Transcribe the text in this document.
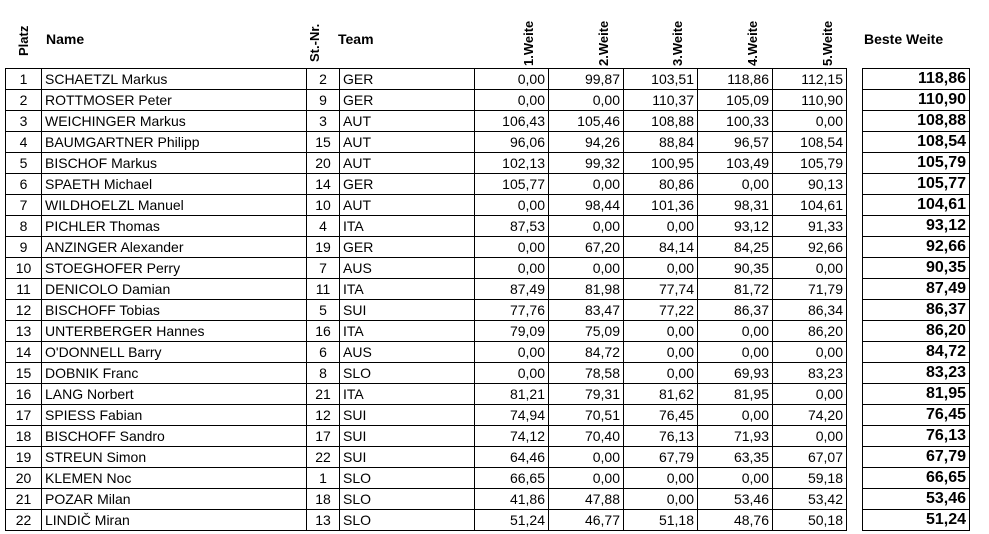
Platz Name	St.-Nr. Team	1.Weite	2.Weite	3.Weite	4.Weite	5.Weite Beste Weite
1	SCHAETZL Markus	2	GER	0,00	99,87	103,51	118,86	112,15		118,86
2	ROTTMOSER Peter	9	GER	0,00	0,00	110,37	105,09	110,90		110,90
3	WEICHINGER Markus	3	AUT	106,43	105,46	108,88	100,33	0,00		108,88
4	BAUMGARTNER Philipp	15	AUT	96,06	94,26	88,84	96,57	108,54		108,54
5	BISCHOF Markus	20	AUT	102,13	99,32	100,95	103,49	105,79		105,79
6	SPAETH Michael	14	GER	105,77	0,00	80,86	0,00	90,13		105,77
7	WILDHOELZL Manuel	10	AUT	0,00	98,44	101,36	98,31	104,61		104,61
8	PICHLER Thomas	4	ITA	87,53	0,00	0,00	93,12	91,33		93,12
9	ANZINGER Alexander	19	GER	0,00	67,20	84,14	84,25	92,66		92,66
10	STOEGHOFER Perry	7	AUS	0,00	0,00	0,00	90,35	0,00		90,35
11	DENICOLO Damian	11	ITA	87,49	81,98	77,74	81,72	71,79		87,49
12	BISCHOFF Tobias	5	SUI	77,76	83,47	77,22	86,37	86,34		86,37
13	UNTERBERGER Hannes	16	ITA	79,09	75,09	0,00	0,00	86,20		86,20
14	O'DONNELL Barry	6	AUS	0,00	84,72	0,00	0,00	0,00		84,72
15	DOBNIK Franc	8	SLO	0,00	78,58	0,00	69,93	83,23		83,23
16	LANG Norbert	21	ITA	81,21	79,31	81,62	81,95	0,00		81,95
17	SPIESS Fabian	12	SUI	74,94	70,51	76,45	0,00	74,20		76,45
18	BISCHOFF Sandro	17	SUI	74,12	70,40	76,13	71,93	0,00		76,13
19	STREUN Simon	22	SUI	64,46	0,00	67,79	63,35	67,07		67,79
20	KLEMEN Noc	1	SLO	66,65	0,00	0,00	0,00	59,18		66,65
21	POZAR Milan	18	SLO	41,86	47,88	0,00	53,46	53,42		53,46
22	LINDIČ Miran	13	SLO	51,24	46,77	51,18	48,76	50,18		51,24
